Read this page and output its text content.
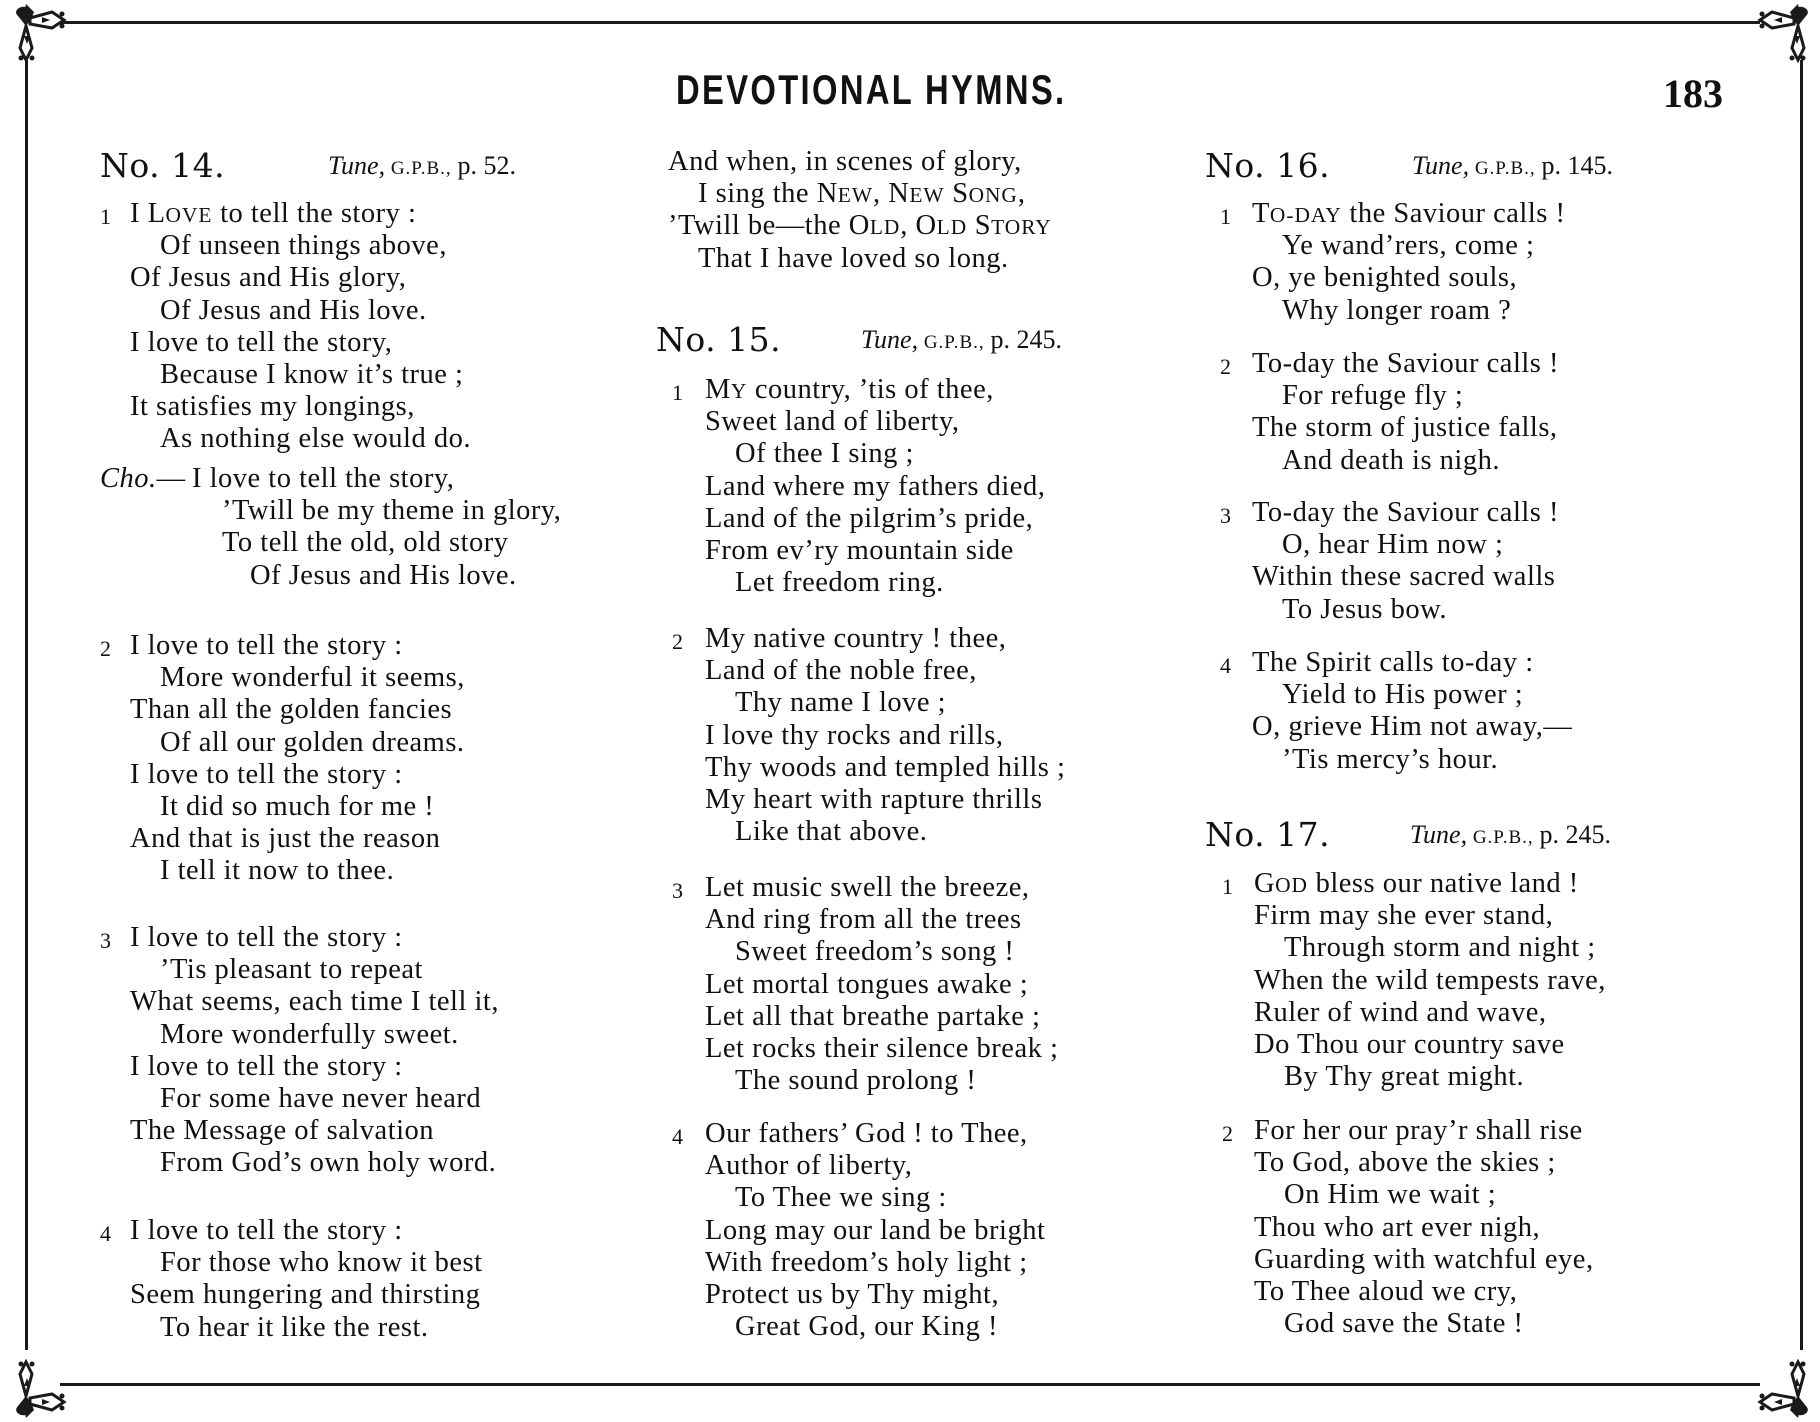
DEVOTIONAL HYMNS.	183
No. 14.	Tune, G.P.B., p. 52.
1 I LOVE to tell the story :
Of unseen things above,
Of Jesus and His glory,
Of Jesus and His love.
I love to tell the story,
Because I know it’s true ;
It satisfies my longings,
As nothing else would do.
Cho.— I love to tell the story,
’Twill be my theme in glory,
To tell the old, old story
Of Jesus and His love.
2 I love to tell the story :
More wonderful it seems,
Than all the golden fancies
Of all our golden dreams.
I love to tell the story :
It did so much for me !
And that is just the reason
I tell it now to thee.
3 I love to tell the story :
’Tis pleasant to repeat
What seems, each time I tell it,
More wonderfully sweet.
I love to tell the story :
For some have never heard
The Message of salvation
From God’s own holy word.
4 I love to tell the story :
For those who know it best
Seem hungering and thirsting
To hear it like the rest.
And when, in scenes of glory,
I sing the NEW, NEW SONG,
’Twill be—the OLD, OLD STORY
That I have loved so long.
No. 15.	Tune, G.P.B., p. 245.
1 MY country, ’tis of thee,
Sweet land of liberty,
Of thee I sing ;
Land where my fathers died,
Land of the pilgrim’s pride,
From ev’ry mountain side
Let freedom ring.
2 My native country ! thee,
Land of the noble free,
Thy name I love ;
I love thy rocks and rills,
Thy woods and templed hills ;
My heart with rapture thrills
Like that above.
3 Let music swell the breeze,
And ring from all the trees
Sweet freedom’s song !
Let mortal tongues awake ;
Let all that breathe partake ;
Let rocks their silence break ;
The sound prolong !
4 Our fathers’ God ! to Thee,
Author of liberty,
To Thee we sing :
Long may our land be bright
With freedom’s holy light ;
Protect us by Thy might,
Great God, our King !
No. 16.	Tune, G.P.B., p. 145.
1 TO-DAY the Saviour calls !
Ye wand’rers, come ;
O, ye benighted souls,
Why longer roam ?
2 To-day the Saviour calls !
For refuge fly ;
The storm of justice falls,
And death is nigh.
3 To-day the Saviour calls !
O, hear Him now ;
Within these sacred walls
To Jesus bow.
4 The Spirit calls to-day :
Yield to His power ;
O, grieve Him not away,—
’Tis mercy’s hour.
No. 17.	Tune, G.P.B., p. 245.
1 GOD bless our native land !
Firm may she ever stand,
Through storm and night ;
When the wild tempests rave,
Ruler of wind and wave,
Do Thou our country save
By Thy great might.
2 For her our pray’r shall rise
To God, above the skies ;
On Him we wait ;
Thou who art ever nigh,
Guarding with watchful eye,
To Thee aloud we cry,
God save the State !
